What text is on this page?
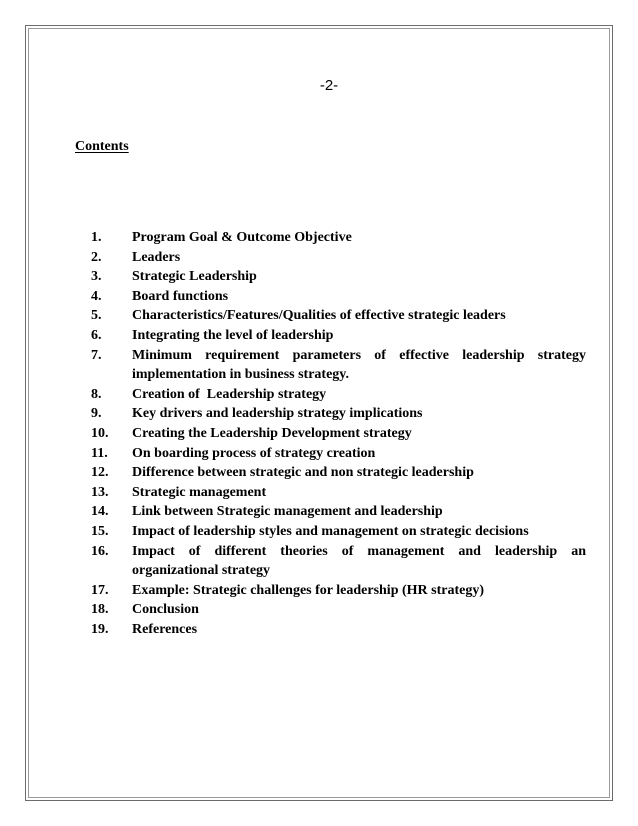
-2-
Contents
1.	Program Goal & Outcome Objective
2.	Leaders
3.	Strategic Leadership
4.	Board functions
5.	Characteristics/Features/Qualities of effective strategic leaders
6.	Integrating the level of leadership
7.	Minimum requirement parameters of effective leadership strategy implementation in business strategy.
8.	Creation of  Leadership strategy
9.	Key drivers and leadership strategy implications
10.	Creating the Leadership Development strategy
11.	On boarding process of strategy creation
12.	Difference between strategic and non strategic leadership
13.	Strategic management
14.	Link between Strategic management and leadership
15.	Impact of leadership styles and management on strategic decisions
16.	Impact of different theories of management and leadership an organizational strategy
17.	Example: Strategic challenges for leadership (HR strategy)
18.	Conclusion
19.	References
